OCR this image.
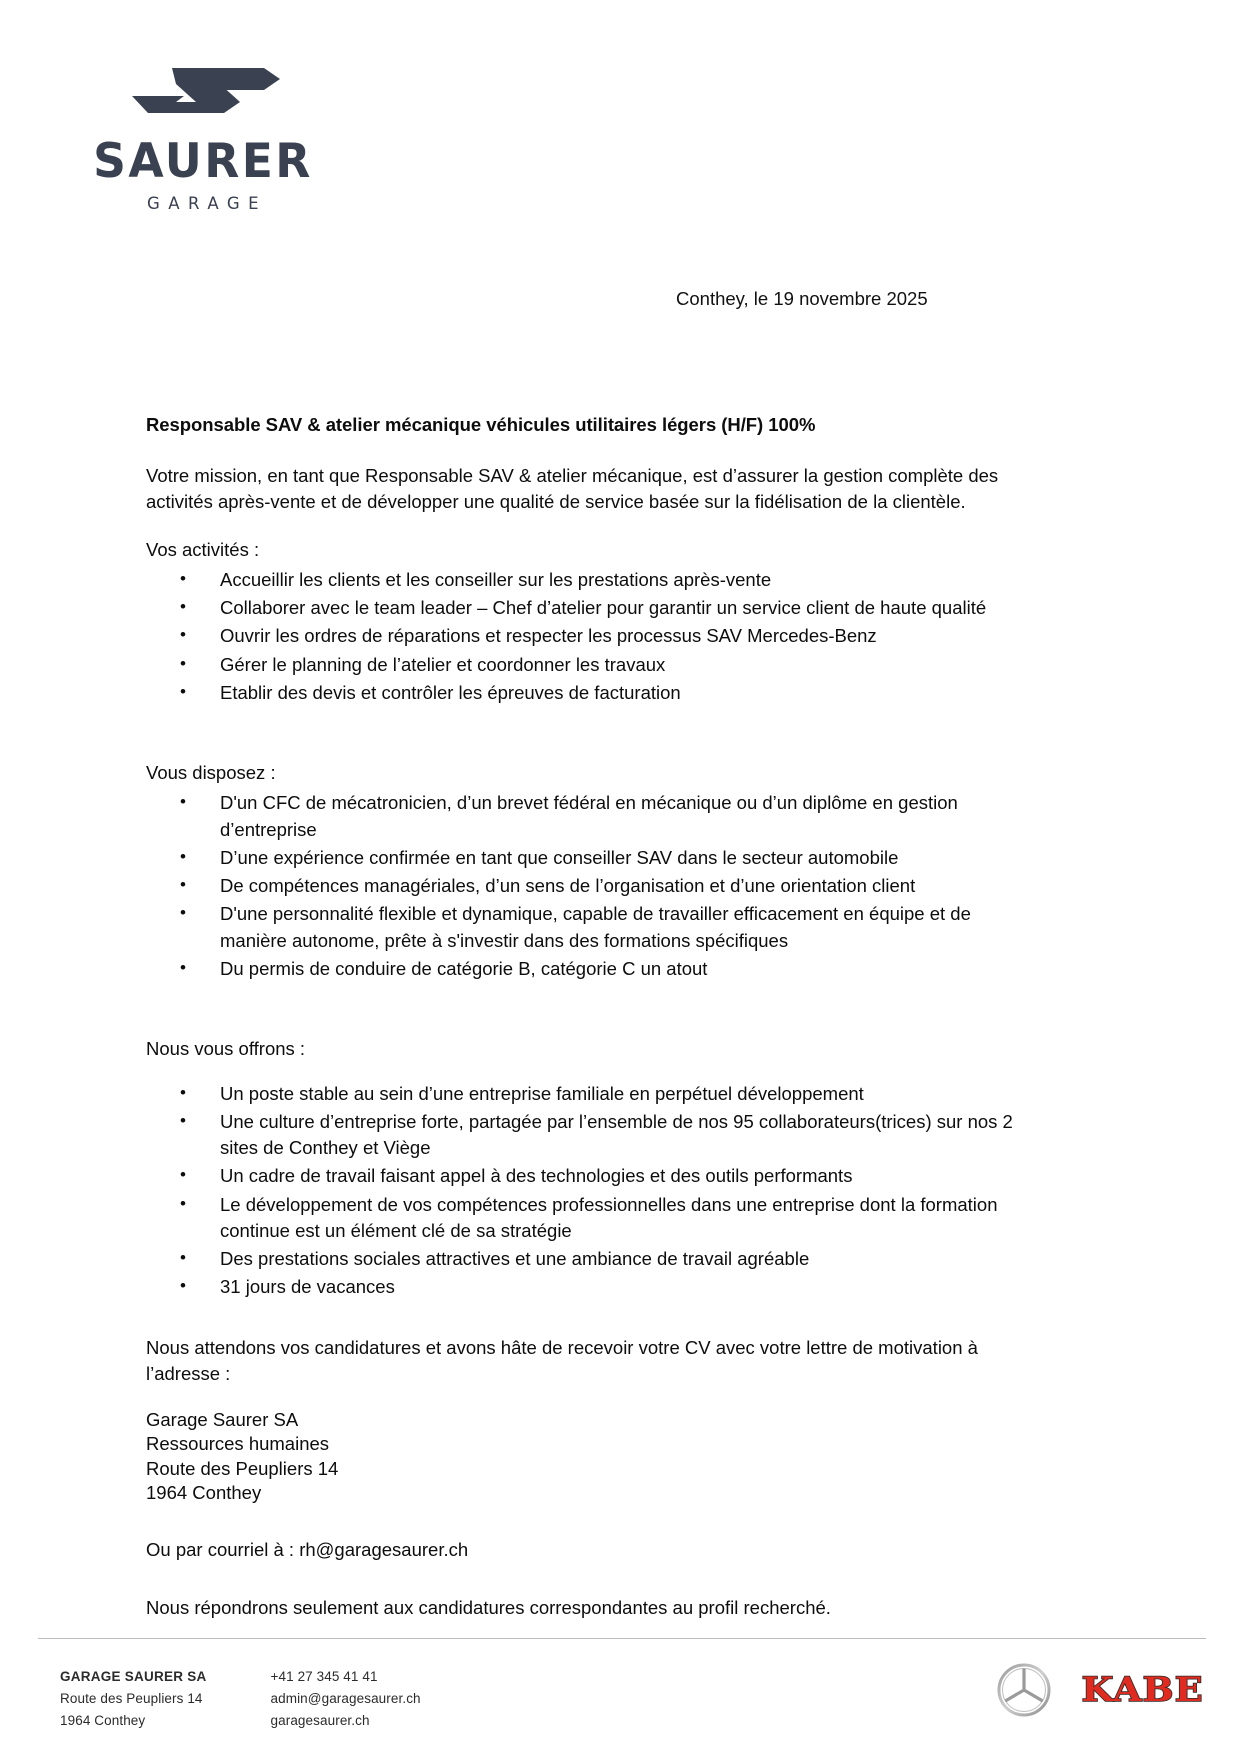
SAURER
GARAGE
Conthey, le 19 novembre 2025
Responsable SAV & atelier mécanique véhicules utilitaires légers (H/F) 100%

Votre mission, en tant que Responsable SAV & atelier mécanique, est d’assurer la gestion complète des activités après-vente et de développer une qualité de service basée sur la fidélisation de la clientèle.

Vos activités :
• Accueillir les clients et les conseiller sur les prestations après-vente
• Collaborer avec le team leader – Chef d’atelier pour garantir un service client de haute qualité
• Ouvrir les ordres de réparations et respecter les processus SAV Mercedes-Benz
• Gérer le planning de l’atelier et coordonner les travaux
• Etablir des devis et contrôler les épreuves de facturation
Vous disposez :
• D'un CFC de mécatronicien, d’un brevet fédéral en mécanique ou d’un diplôme en gestion d’entreprise
• D’une expérience confirmée en tant que conseiller SAV dans le secteur automobile
• De compétences managériales, d’un sens de l’organisation et d’une orientation client
• D'une personnalité flexible et dynamique, capable de travailler efficacement en équipe et de manière autonome, prête à s'investir dans des formations spécifiques
• Du permis de conduire de catégorie B, catégorie C un atout
Nous vous offrons :
• Un poste stable au sein d’une entreprise familiale en perpétuel développement
• Une culture d’entreprise forte, partagée par l’ensemble de nos 95 collaborateurs(trices) sur nos 2 sites de Conthey et Viège
• Un cadre de travail faisant appel à des technologies et des outils performants
• Le développement de vos compétences professionnelles dans une entreprise dont la formation continue est un élément clé de sa stratégie
• Des prestations sociales attractives et une ambiance de travail agréable
• 31 jours de vacances

Nous attendons vos candidatures et avons hâte de recevoir votre CV avec votre lettre de motivation à l’adresse :

Garage Saurer SA
Ressources humaines
Route des Peupliers 14
1964 Conthey

Ou par courriel à : rh@garagesaurer.ch

Nous répondrons seulement aux candidatures correspondantes au profil recherché.

GARAGE SAURER SA
Route des Peupliers 14
1964 Conthey
+41 27 345 41 41
admin@garagesaurer.ch
garagesaurer.ch
KABE
